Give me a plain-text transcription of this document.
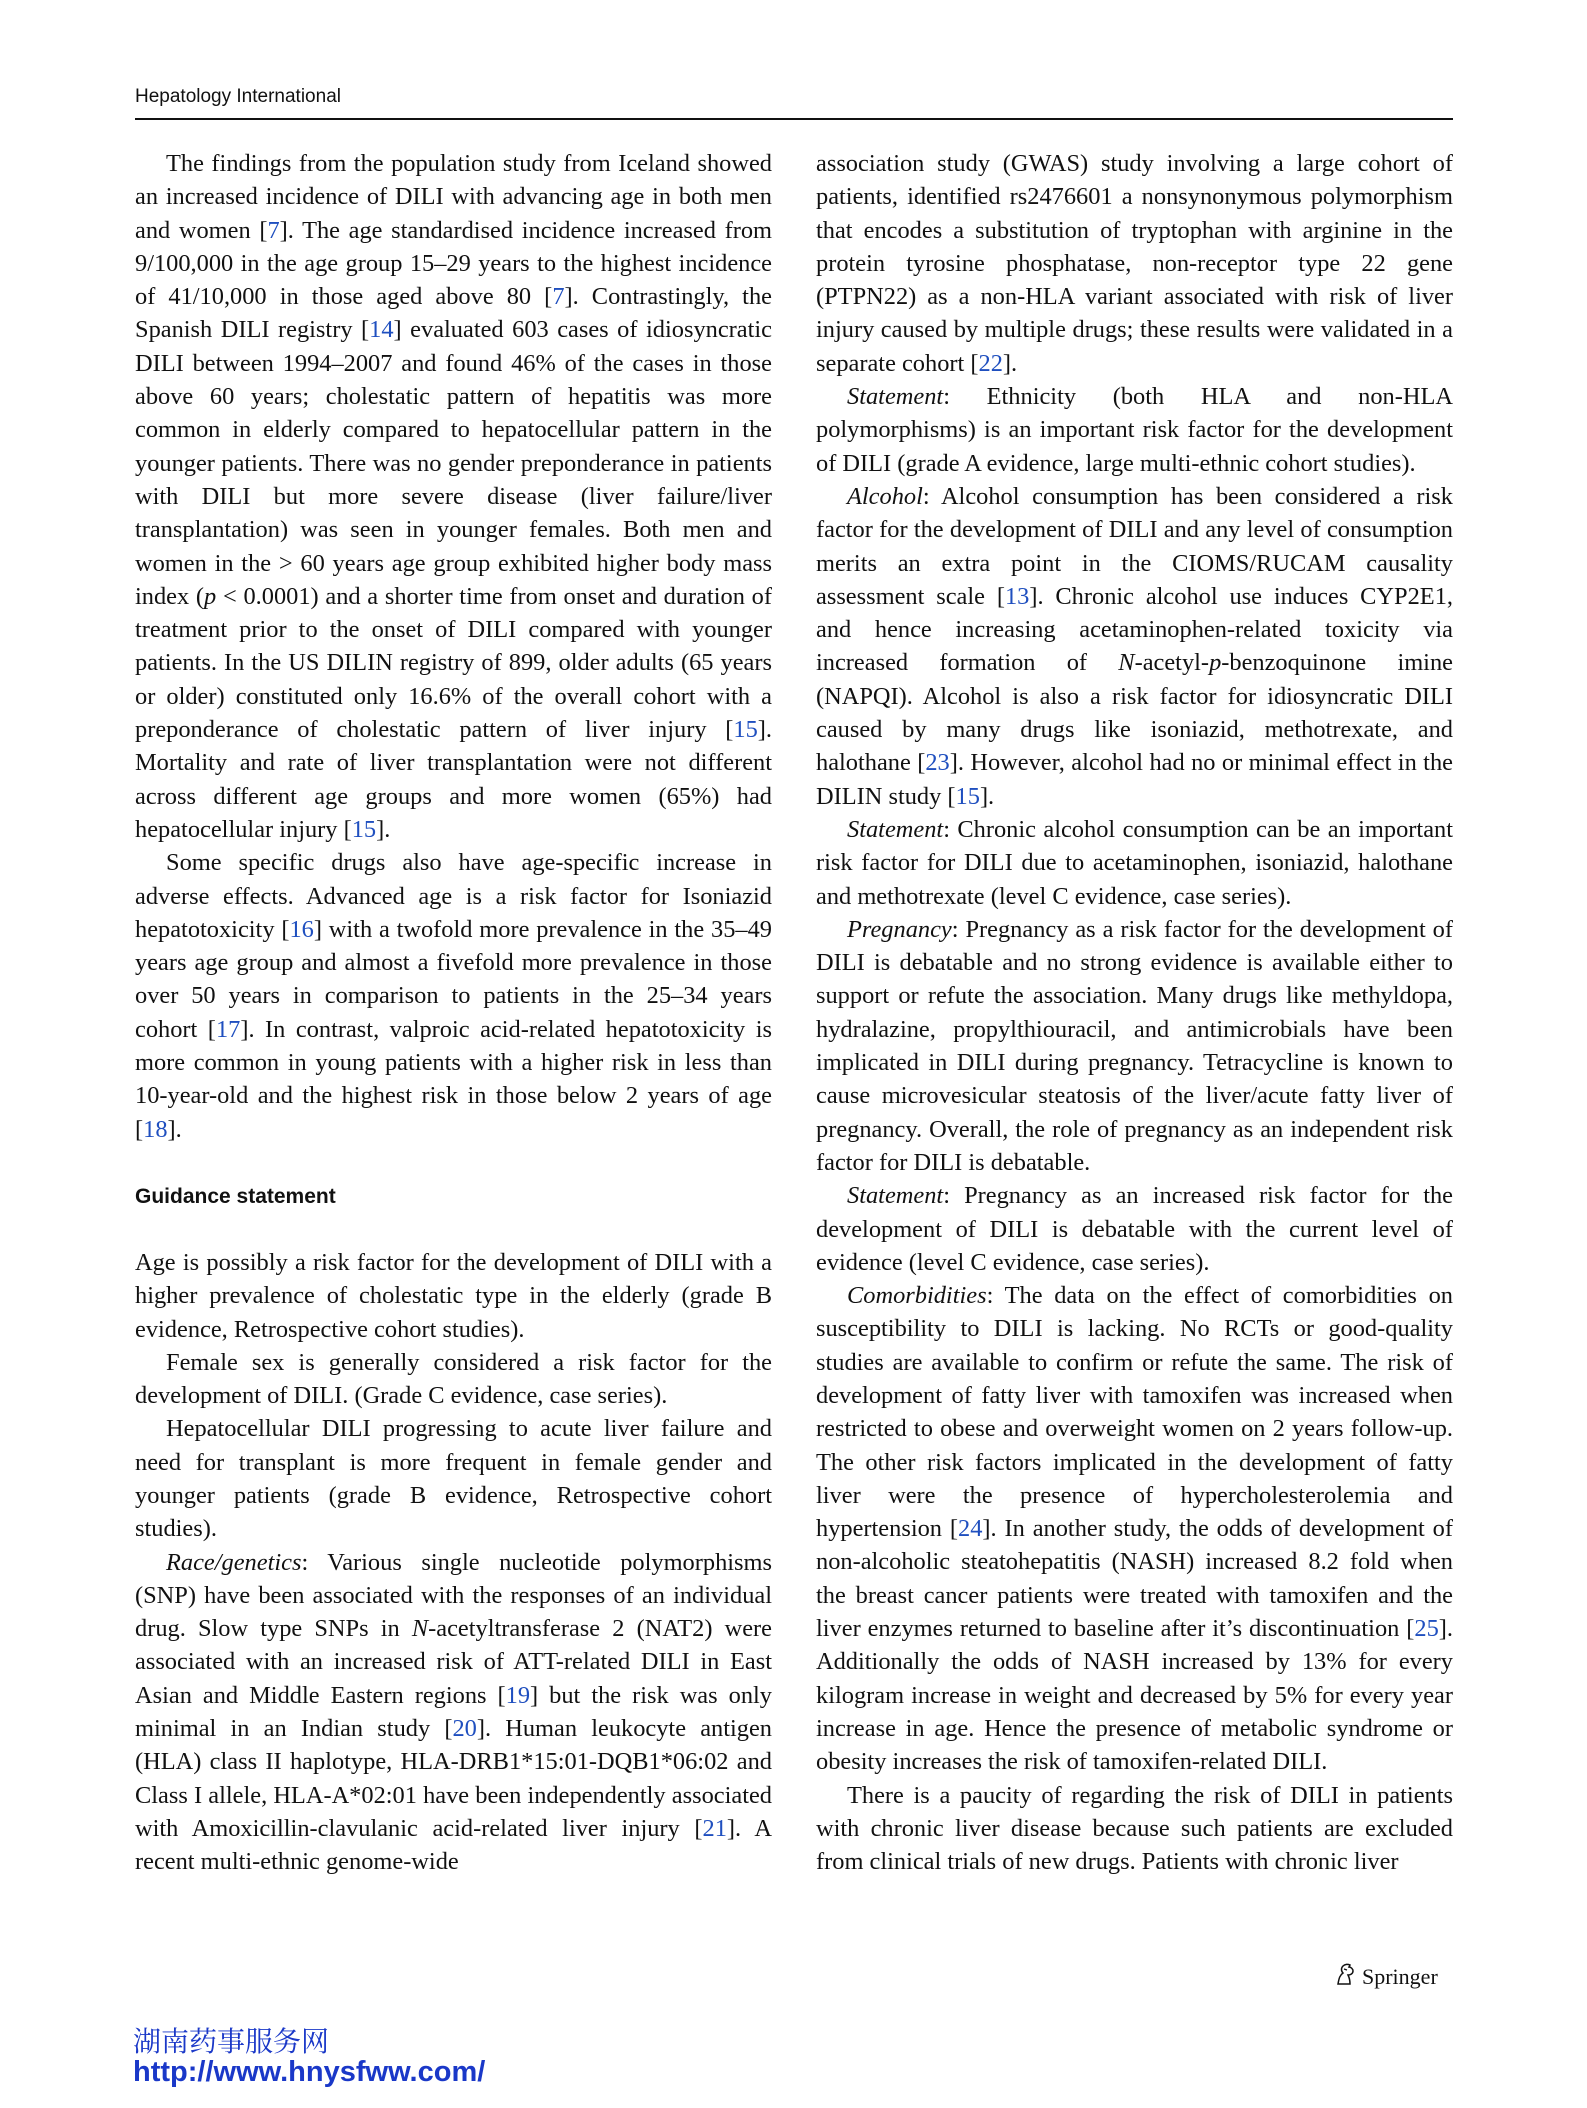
Hepatology International

The findings from the population study from Iceland showed an increased incidence of DILI with advancing age in both men and women [7]. The age standardised incidence increased from 9/100,000 in the age group 15–29 years to the highest incidence of 41/10,000 in those aged above 80 [7]. Contrastingly, the Spanish DILI registry [14] evaluated 603 cases of idiosyncratic DILI between 1994–2007 and found 46% of the cases in those above 60 years; cholestatic pattern of hepatitis was more common in elderly compared to hepatocellular pattern in the younger patients. There was no gender preponderance in patients with DILI but more severe disease (liver failure/liver transplantation) was seen in younger females. Both men and women in the > 60 years age group exhibited higher body mass index (p < 0.0001) and a shorter time from onset and duration of treatment prior to the onset of DILI compared with younger patients. In the US DILIN registry of 899, older adults (65 years or older) constituted only 16.6% of the overall cohort with a preponderance of cholestatic pattern of liver injury [15]. Mortality and rate of liver transplantation were not different across different age groups and more women (65%) had hepatocellular injury [15].

Some specific drugs also have age-specific increase in adverse effects. Advanced age is a risk factor for Isoniazid hepatotoxicity [16] with a twofold more prevalence in the 35–49 years age group and almost a fivefold more prevalence in those over 50 years in comparison to patients in the 25–34 years cohort [17]. In contrast, valproic acid-related hepatotoxicity is more common in young patients with a higher risk in less than 10-year-old and the highest risk in those below 2 years of age [18].

Guidance statement

Age is possibly a risk factor for the development of DILI with a higher prevalence of cholestatic type in the elderly (grade B evidence, Retrospective cohort studies).

Female sex is generally considered a risk factor for the development of DILI. (Grade C evidence, case series).

Hepatocellular DILI progressing to acute liver failure and need for transplant is more frequent in female gender and younger patients (grade B evidence, Retrospective cohort studies).

Race/genetics: Various single nucleotide polymorphisms (SNP) have been associated with the responses of an individual drug. Slow type SNPs in N-acetyltransferase 2 (NAT2) were associated with an increased risk of ATT-related DILI in East Asian and Middle Eastern regions [19] but the risk was only minimal in an Indian study [20]. Human leukocyte antigen (HLA) class II haplotype, HLA-DRB1*15:01-DQB1*06:02 and Class I allele, HLA-A*02:01 have been independently associated with Amoxicillin-clavulanic acid-related liver injury [21]. A recent multi-ethnic genome-wide

association study (GWAS) study involving a large cohort of patients, identified rs2476601 a nonsynonymous polymorphism that encodes a substitution of tryptophan with arginine in the protein tyrosine phosphatase, non-receptor type 22 gene (PTPN22) as a non-HLA variant associated with risk of liver injury caused by multiple drugs; these results were validated in a separate cohort [22].

Statement: Ethnicity (both HLA and non-HLA polymorphisms) is an important risk factor for the development of DILI (grade A evidence, large multi-ethnic cohort studies).

Alcohol: Alcohol consumption has been considered a risk factor for the development of DILI and any level of consumption merits an extra point in the CIOMS/RUCAM causality assessment scale [13]. Chronic alcohol use induces CYP2E1, and hence increasing acetaminophen-related toxicity via increased formation of N-acetyl-p-benzoquinone imine (NAPQI). Alcohol is also a risk factor for idiosyncratic DILI caused by many drugs like isoniazid, methotrexate, and halothane [23]. However, alcohol had no or minimal effect in the DILIN study [15].

Statement: Chronic alcohol consumption can be an important risk factor for DILI due to acetaminophen, isoniazid, halothane and methotrexate (level C evidence, case series).

Pregnancy: Pregnancy as a risk factor for the development of DILI is debatable and no strong evidence is available either to support or refute the association. Many drugs like methyldopa, hydralazine, propylthiouracil, and antimicrobials have been implicated in DILI during pregnancy. Tetracycline is known to cause microvesicular steatosis of the liver/acute fatty liver of pregnancy. Overall, the role of pregnancy as an independent risk factor for DILI is debatable.

Statement: Pregnancy as an increased risk factor for the development of DILI is debatable with the current level of evidence (level C evidence, case series).

Comorbidities: The data on the effect of comorbidities on susceptibility to DILI is lacking. No RCTs or good-quality studies are available to confirm or refute the same. The risk of development of fatty liver with tamoxifen was increased when restricted to obese and overweight women on 2 years follow-up. The other risk factors implicated in the development of fatty liver were the presence of hypercholesterolemia and hypertension [24]. In another study, the odds of development of non-alcoholic steatohepatitis (NASH) increased 8.2 fold when the breast cancer patients were treated with tamoxifen and the liver enzymes returned to baseline after it’s discontinuation [25]. Additionally the odds of NASH increased by 13% for every kilogram increase in weight and decreased by 5% for every year increase in age. Hence the presence of metabolic syndrome or obesity increases the risk of tamoxifen-related DILI.

There is a paucity of regarding the risk of DILI in patients with chronic liver disease because such patients are excluded from clinical trials of new drugs. Patients with chronic liver

Springer
湖南药事服务网
http://www.hnysfww.com/
